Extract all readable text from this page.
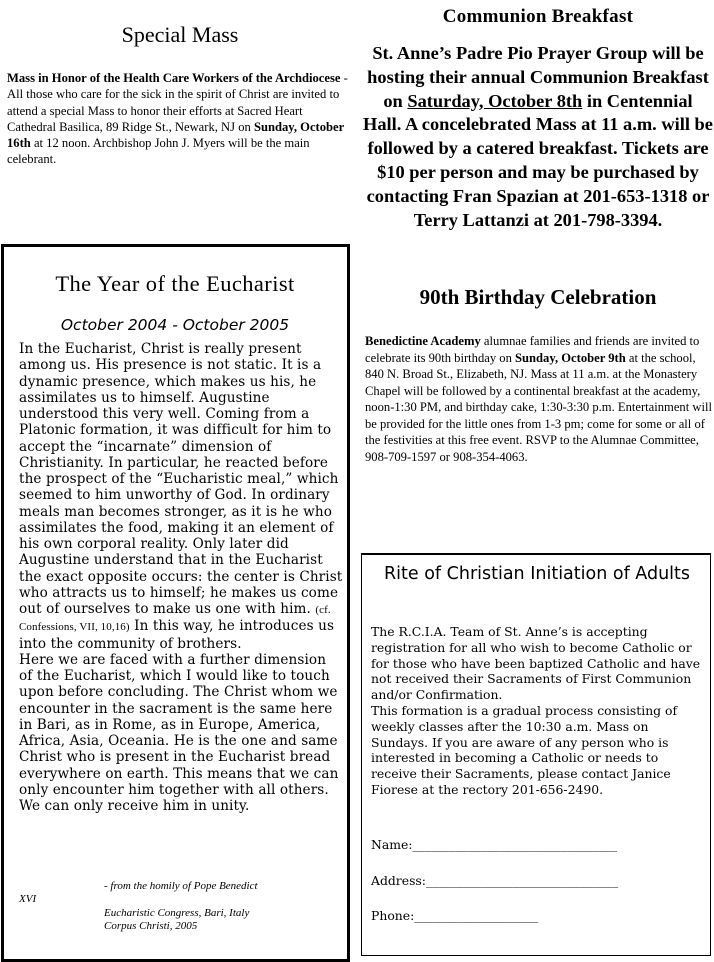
Special Mass
Mass in Honor of the Health Care Workers of the Archdiocese - All those who care for the sick in the spirit of Christ are invited to attend a special Mass to honor their efforts at Sacred Heart Cathedral Basilica, 89 Ridge St., Newark, NJ on Sunday, October 16th at 12 noon. Archbishop John J. Myers will be the main celebrant.
Communion Breakfast
St. Anne’s Padre Pio Prayer Group will be hosting their annual Communion Breakfast on Saturday, October 8th in Centennial Hall. A concelebrated Mass at 11 a.m. will be followed by a catered breakfast. Tickets are $10 per person and may be purchased by contacting Fran Spazian at 201-653-1318 or Terry Lattanzi at 201-798-3394.
90th Birthday Celebration
Benedictine Academy alumnae families and friends are invited to celebrate its 90th birthday on Sunday, October 9th at the school, 840 N. Broad St., Elizabeth, NJ. Mass at 11 a.m. at the Monastery Chapel will be followed by a continental breakfast at the academy, noon-1:30 PM, and birthday cake, 1:30-3:30 p.m. Entertainment will be provided for the little ones from 1-3 pm; come for some or all of the festivities at this free event. RSVP to the Alumnae Committee, 908-709-1597 or 908-354-4063.
The Year of the Eucharist
October 2004 - October 2005
In the Eucharist, Christ is really present among us. His presence is not static. It is a dynamic presence, which makes us his, he assimilates us to himself. Augustine understood this very well. Coming from a Platonic formation, it was difficult for him to accept the “incarnate” dimension of Christianity. In particular, he reacted before the prospect of the “Eucharistic meal,” which seemed to him unworthy of God. In ordinary meals man becomes stronger, as it is he who assimilates the food, making it an element of his own corporal reality. Only later did Augustine understand that in the Eucharist the exact opposite occurs: the center is Christ who attracts us to himself; he makes us come out of ourselves to make us one with him. (cf. Confessions, VII, 10,16) In this way, he introduces us into the community of brothers.
Here we are faced with a further dimension of the Eucharist, which I would like to touch upon before concluding. The Christ whom we encounter in the sacrament is the same here in Bari, as in Rome, as in Europe, America, Africa, Asia, Oceania. He is the one and same Christ who is present in the Eucharist bread everywhere on earth. This means that we can only encounter him together with all others. We can only receive him in unity.
- from the homily of Pope Benedict
XVI
Eucharistic Congress, Bari, Italy
Corpus Christi, 2005
Rite of Christian Initiation of Adults
The R.C.I.A. Team of St. Anne’s is accepting registration for all who wish to become Catholic or for those who have been baptized Catholic and have not received their Sacraments of First Communion and/or Confirmation.
This formation is a gradual process consisting of weekly classes after the 10:30 a.m. Mass on Sundays. If you are aware of any person who is interested in becoming a Catholic or needs to receive their Sacraments, please contact Janice Fiorese at the rectory 201-656-2490.
Name:_________________________________
Address:_______________________________
Phone:____________________
